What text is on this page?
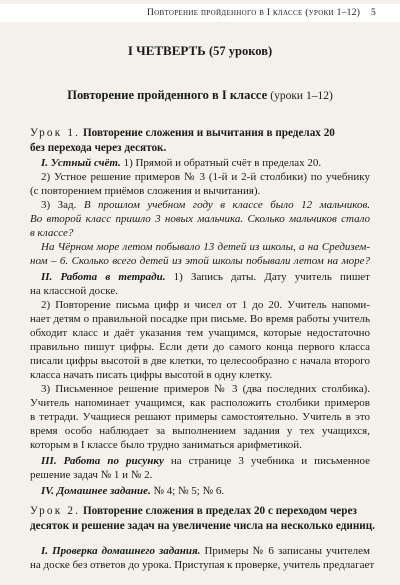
Повторение пройденного в I классе (уроки 1–12) 5
I ЧЕТВЕРТЬ (57 уроков)
Повторение пройденного в I классе (уроки 1–12)
Урок 1. Повторение сложения и вычитания в пределах 20
без перехода через десяток.
I. Устный счёт. 1) Прямой и обратный счёт в пределах 20.
2) Устное решение примеров № 3 (1-й и 2-й столбики) по учебнику
(с повторением приёмов сложения и вычитания).
3) Зад. В прошлом учебном году в классе было 12 мальчиков.
Во второй класс пришло 3 новых мальчика. Сколько мальчиков стало
в классе?
На Чёрном море летом побывало 13 детей из школы, а на Средизем-
ном – 6. Сколько всего детей из этой школы побывали летом на море?
II. Работа в тетради. 1) Запись даты. Дату учитель пишет
на классной доске.
2) Повторение письма цифр и чисел от 1 до 20. Учитель напоми-
нает детям о правильной посадке при письме. Во время работы учитель
обходит класс и даёт указания тем учащимся, которые недостаточно
правильно пишут цифры. Если дети до самого конца первого класса
писали цифры высотой в две клетки, то целесообразно с начала второго
класса начать писать цифры высотой в одну клетку.
3) Письменное решение примеров № 3 (два последних столбика).
Учитель напоминает учащимся, как расположить столбики примеров
в тетради. Учащиеся решают примеры самостоятельно. Учитель в это
время особо наблюдает за выполнением задания у тех учащихся,
которым в I классе было трудно заниматься арифметикой.
III. Работа по рисунку на странице 3 учебника и письменное
решение задач № 1 и № 2.
IV. Домашнее задание. № 4; № 5; № 6.
Урок 2. Повторение сложения в пределах 20 с переходом через
десяток и решение задач на увеличение числа на несколько единиц.
I. Проверка домашнего задания. Примеры № 6 записаны учителем
на доске без ответов до урока. Приступая к проверке, учитель предлагает
